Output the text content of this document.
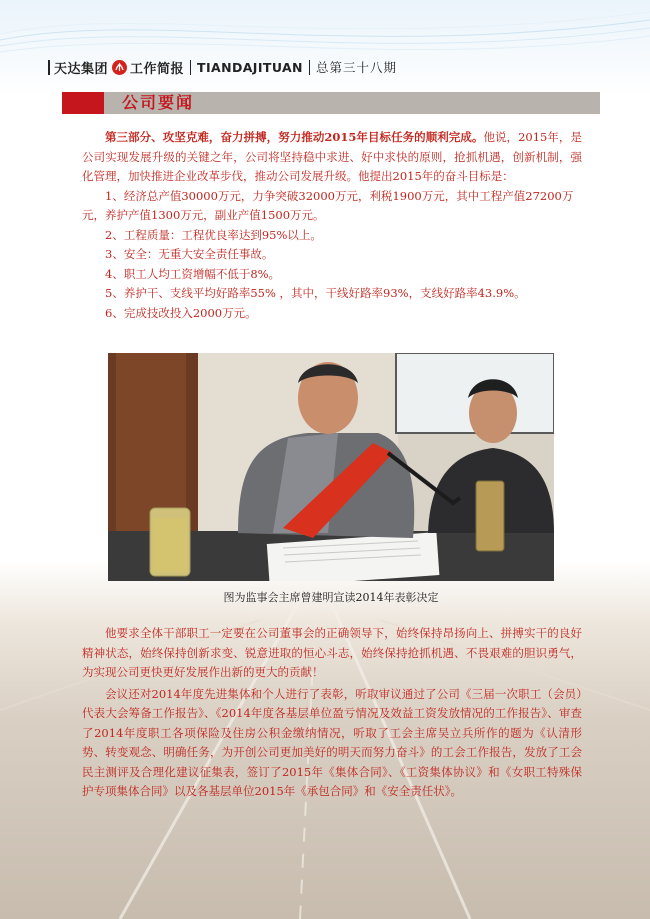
天达集团 工作简报 TIANDAJITUAN 总第三十八期
公司要闻

第三部分、攻坚克难，奋力拼搏，努力推动2015年目标任务的顺利完成。他说，2015年，是公司实现发展升级的关键之年，公司将坚持稳中求进、好中求快的原则，抢抓机遇，创新机制，强化管理，加快推进企业改革步伐，推动公司发展升级。他提出2015年的奋斗目标是：

1、经济总产值30000万元，力争突破32000万元，利税1900万元，其中工程产值27200万元，养护产值1300万元，副业产值1500万元。

2、工程质量：工程优良率达到95%以上。

3、安全：无重大安全责任事故。

4、职工人均工资增幅不低于8%。

5、养护干、支线平均好路率55% ，其中，干线好路率93%，支线好路率43.9%。

6、完成技改投入2000万元。

图为监事会主席曾建明宣读2014年表彰决定

他要求全体干部职工一定要在公司董事会的正确领导下，始终保持昂扬向上、拼搏实干的良好精神状态，始终保持创新求变、锐意进取的恒心斗志，始终保持抢抓机遇、不畏艰难的胆识勇气，为实现公司更快更好发展作出新的更大的贡献！

会议还对2014年度先进集体和个人进行了表彰，听取审议通过了公司《三届一次职工（会员）代表大会筹备工作报告》、《2014年度各基层单位盈亏情况及效益工资发放情况的工作报告》、审查了2014年度职工各项保险及住房公积金缴纳情况，听取了工会主席吴立兵所作的题为《认清形势、转变观念、明确任务，为开创公司更加美好的明天而努力奋斗》的工会工作报告，发放了工会民主测评及合理化建议征集表，签订了2015年《集体合同》、《工资集体协议》和《女职工特殊保护专项集体合同》以及各基层单位2015年《承包合同》和《安全责任状》。
